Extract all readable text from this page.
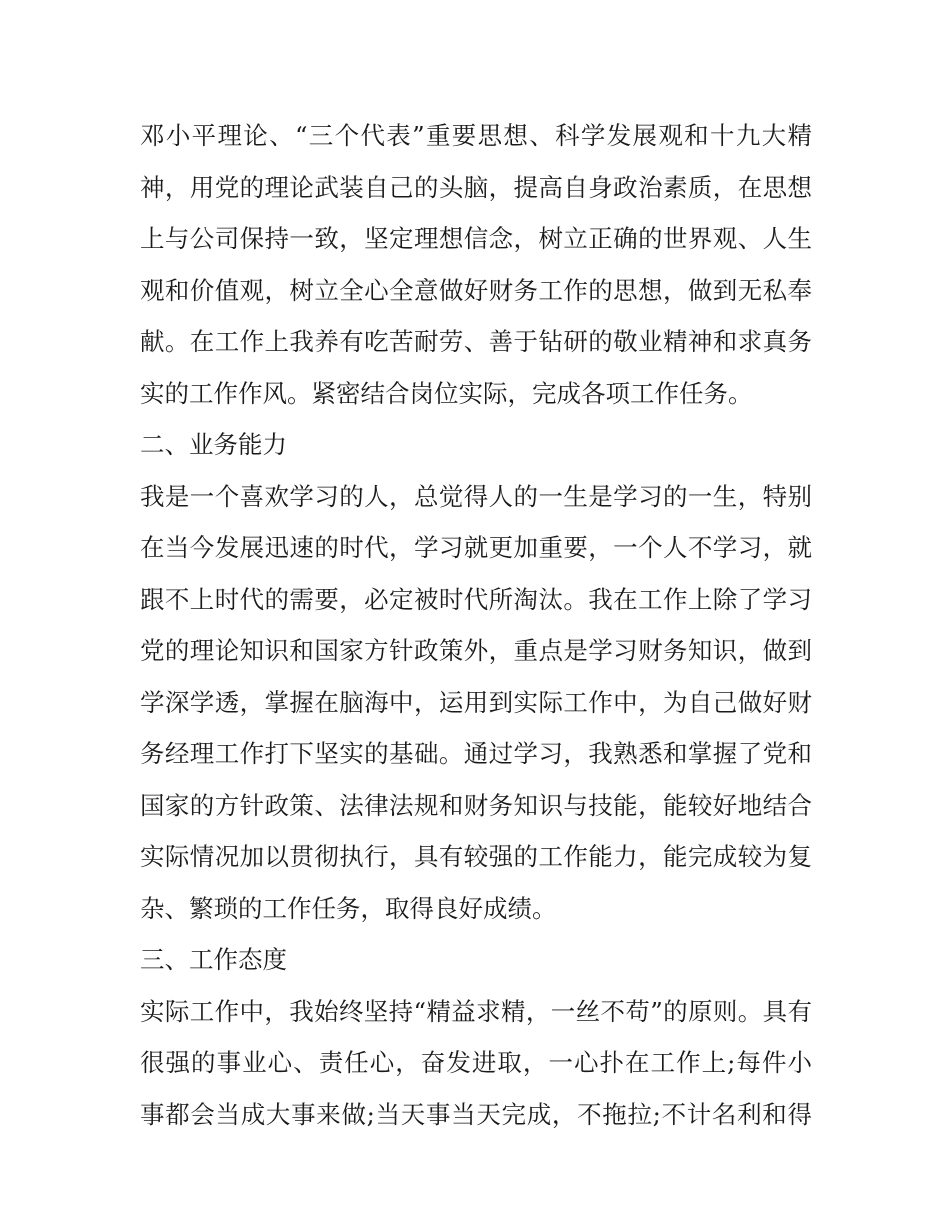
邓小平理论、“三个代表”重要思想、科学发展观和十九大精
神，用党的理论武装自己的头脑，提高自身政治素质，在思想
上与公司保持一致，坚定理想信念，树立正确的世界观、人生
观和价值观，树立全心全意做好财务工作的思想，做到无私奉
献。在工作上我养有吃苦耐劳、善于钻研的敬业精神和求真务
实的工作作风。紧密结合岗位实际，完成各项工作任务。
二、业务能力
我是一个喜欢学习的人，总觉得人的一生是学习的一生，特别
在当今发展迅速的时代，学习就更加重要，一个人不学习，就
跟不上时代的需要，必定被时代所淘汰。我在工作上除了学习
党的理论知识和国家方针政策外，重点是学习财务知识，做到
学深学透，掌握在脑海中，运用到实际工作中，为自己做好财
务经理工作打下坚实的基础。通过学习，我熟悉和掌握了党和
国家的方针政策、法律法规和财务知识与技能，能较好地结合
实际情况加以贯彻执行，具有较强的工作能力，能完成较为复
杂、繁琐的工作任务，取得良好成绩。
三、工作态度
实际工作中，我始终坚持“精益求精，一丝不苟”的原则。具有
很强的事业心、责任心，奋发进取，一心扑在工作上;每件小
事都会当成大事来做;当天事当天完成，不拖拉;不计名利和得
